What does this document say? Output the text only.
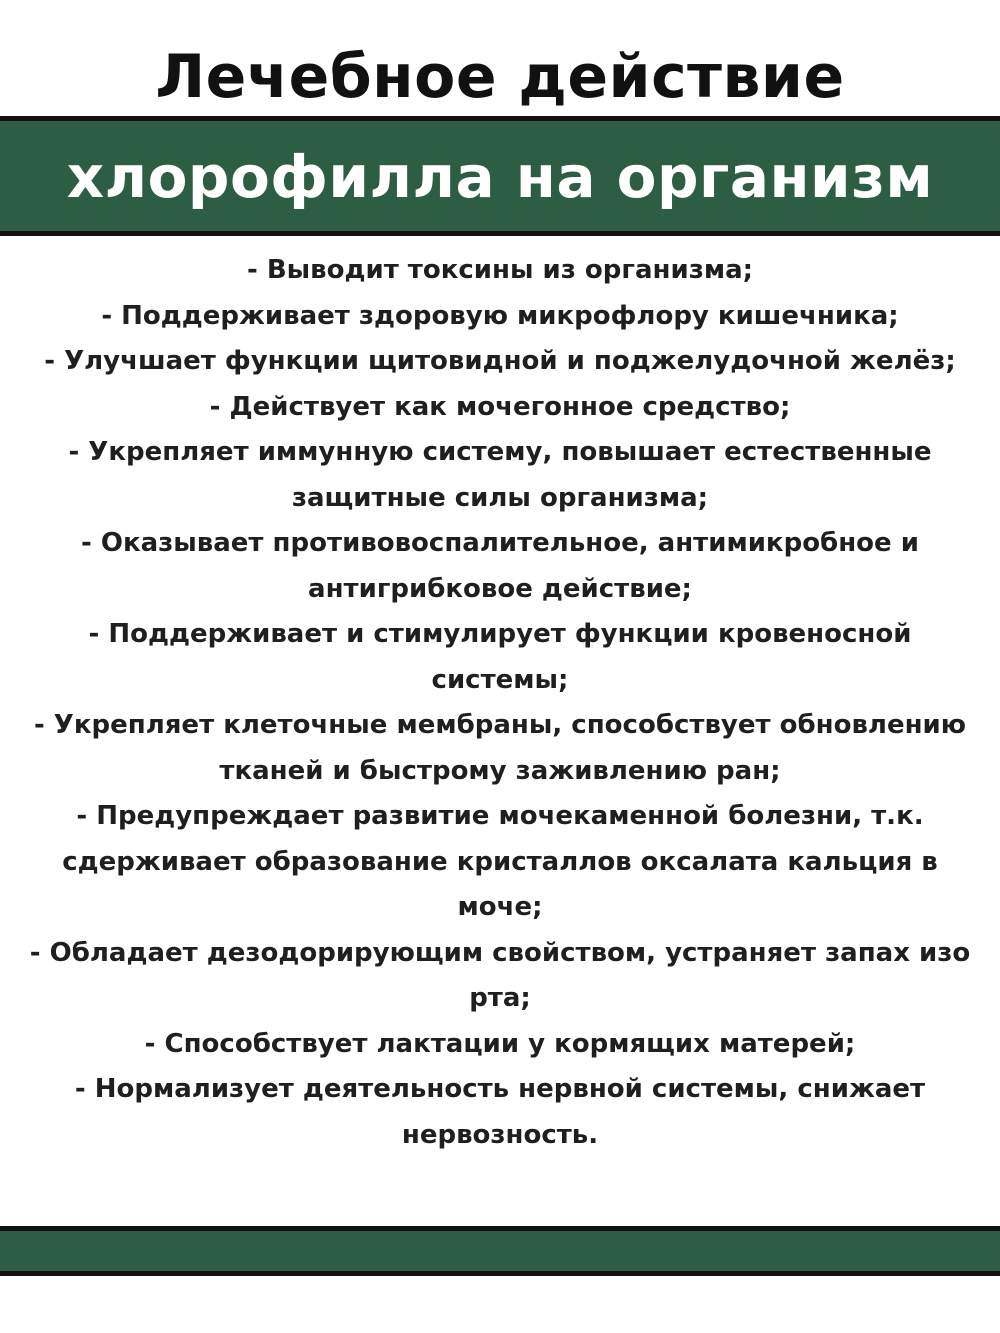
Лечебное действие
хлорофилла на организм

- Выводит токсины из организма;

- Поддерживает здоровую микрофлору кишечника;

- Улучшает функции щитовидной и поджелудочной желёз;

- Действует как мочегонное средство;

- Укрепляет иммунную систему, повышает естественные защитные силы организма;

- Оказывает противовоспалительное, антимикробное и антигрибковое действие;

- Поддерживает и стимулирует функции кровеносной системы;

- Укрепляет клеточные мембраны, способствует обновлению тканей и быстрому заживлению ран;

- Предупреждает развитие мочекаменной болезни, т.к. сдерживает образование кристаллов оксалата кальция в моче;

- Обладает дезодорирующим свойством, устраняет запах изо рта;

- Способствует лактации у кормящих матерей;

- Нормализует деятельность нервной системы, снижает нервозность.
